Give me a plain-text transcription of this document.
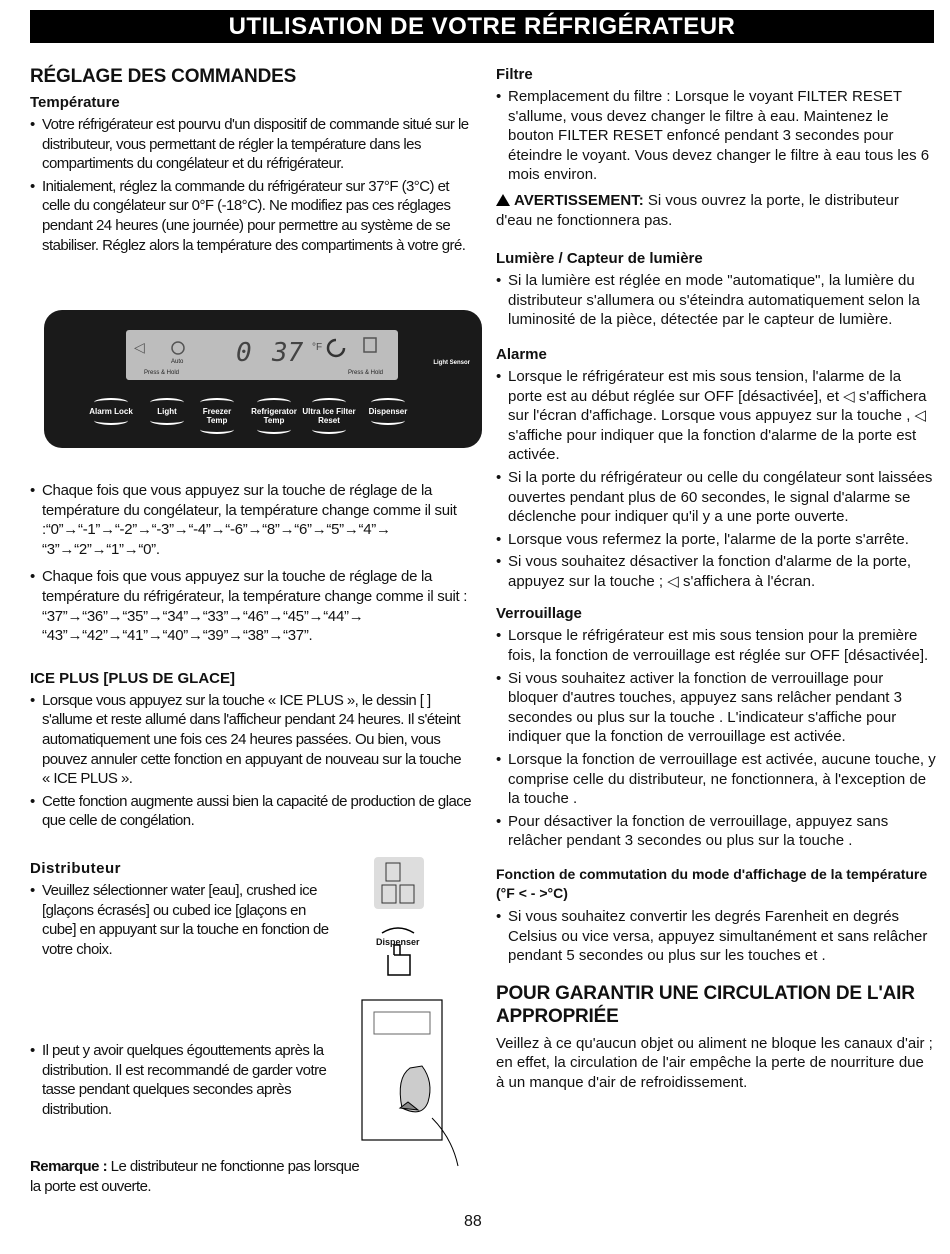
UTILISATION DE VOTRE RÉFRIGÉRATEUR
RÉGLAGE DES COMMANDES
Température
• Votre réfrigérateur est pourvu d'un dispositif de commande situé sur le distributeur, vous permettant de régler la température dans les compartiments du congélateur et du réfrigérateur.
• Initialement, réglez la commande du réfrigérateur sur 37°F (3°C) et celle du congélateur sur 0°F (-18°C). Ne modifiez pas ces réglages pendant 24 heures (une journée) pour permettre au système de se stabiliser. Réglez alors la température des compartiments à votre gré.
◁
Auto
Press & Hold	Press & Hold
0 37 °F
Light Sensor
Alarm Lock	Light	Freezer Temp
Refrigerator Temp
Ultra Ice Filter Reset
Dispenser
• Chaque fois que vous appuyez sur la touche de réglage de la température du congélateur, la température change comme il suit :“0”→“-1”→“-2”→“-3”→“-4”→“-6”→“8”→“6”→“5”→“4”→ “3”→“2”→“1”→“0”.
• Chaque fois que vous appuyez sur la touche de réglage de la température du réfrigérateur, la température change comme il suit : “37”→“36”→“35”→“34”→“33”→“46”→“45”→“44”→ “43”→“42”→“41”→“40”→“39”→“38”→“37”.
ICE PLUS [PLUS DE GLACE]
• Lorsque vous appuyez sur la touche « ICE PLUS », le dessin [ ] s'allume et reste allumé dans l'afficheur pendant 24 heures. Il s'éteint automatiquement une fois ces 24 heures passées. Ou bien, vous pouvez annuler cette fonction en appuyant de nouveau sur la touche « ICE PLUS ».
• Cette fonction augmente aussi bien la capacité de production de glace que celle de congélation.
Distributeur
• Veuillez sélectionner water [eau], crushed ice [glaçons écrasés] ou cubed ice [glaçons en cube] en appuyant sur la touche en fonction de votre choix.	Dispenser
• Il peut y avoir quelques égouttements après la distribution. Il est recommandé de garder votre tasse pendant quelques secondes après distribution.

Remarque : Le distributeur ne fonctionne pas lorsque la porte est ouverte.

Filtre
• Remplacement du filtre : Lorsque le voyant FILTER RESET s'allume, vous devez changer le filtre à eau. Maintenez le bouton FILTER RESET enfoncé pendant 3 secondes pour éteindre le voyant. Vous devez changer le filtre à eau tous les 6 mois environ.

AVERTISSEMENT: Si vous ouvrez la porte, le distributeur d'eau ne fonctionnera pas.

Lumière / Capteur de lumière
• Si la lumière est réglée en mode "automatique", la lumière du distributeur s'allumera ou s'éteindra automatiquement selon la luminosité de la pièce, détectée par le capteur de lumière.
Alarme
• Lorsque le réfrigérateur est mis sous tension, l'alarme de la porte est au début réglée sur OFF [désactivée], et ◁ s'affichera sur l'écran d'affichage. Lorsque vous appuyez sur la touche , ◁ s'affiche pour indiquer que la fonction d'alarme de la porte est activée.
• Si la porte du réfrigérateur ou celle du congélateur sont laissées ouvertes pendant plus de 60 secondes, le signal d'alarme se déclenche pour indiquer qu'il y a une porte ouverte.
• Lorsque vous refermez la porte, l'alarme de la porte s'arrête.
• Si vous souhaitez désactiver la fonction d'alarme de la porte, appuyez sur la touche ; ◁ s'affichera à l'écran.
Verrouillage
• Lorsque le réfrigérateur est mis sous tension pour la première fois, la fonction de verrouillage est réglée sur OFF [désactivée].
• Si vous souhaitez activer la fonction de verrouillage pour bloquer d'autres touches, appuyez sans relâcher pendant 3 secondes ou plus sur la touche . L'indicateur s'affiche pour indiquer que la fonction de verrouillage est activée.
• Lorsque la fonction de verrouillage est activée, aucune touche, y comprise celle du distributeur, ne fonctionnera, à l'exception de la touche .
• Pour désactiver la fonction de verrouillage, appuyez sans relâcher pendant 3 secondes ou plus sur la touche .
Fonction de commutation du mode d'affichage de la température (°F < - >°C)
• Si vous souhaitez convertir les degrés Farenheit en degrés Celsius ou vice versa, appuyez simultanément et sans relâcher pendant 5 secondes ou plus sur les touches et .
POUR GARANTIR UNE CIRCULATION DE L'AIR APPROPRIÉE

Veillez à ce qu'aucun objet ou aliment ne bloque les canaux d'air ; en effet, la circulation de l'air empêche la perte de nourriture due à un manque d'air de refroidissement.

88
